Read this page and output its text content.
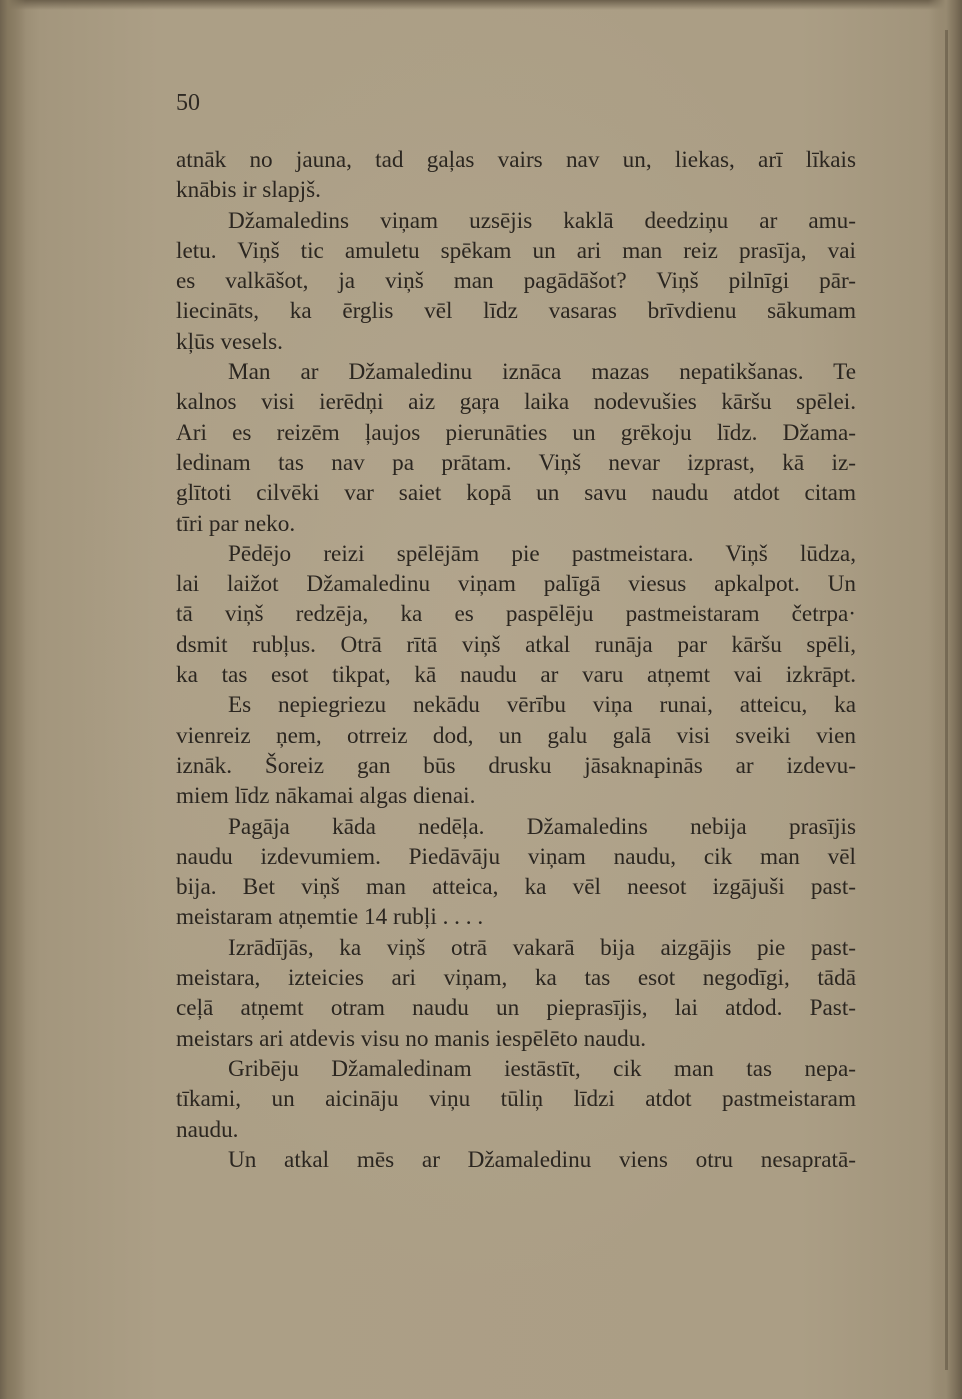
50
atnāk no jauna, tad gaļas vairs nav un, liekas, arī līkais
knābis ir slapjš.
Džamaledins viņam uzsējis kaklā deedziņu ar amu-
letu. Viņš tic amuletu spēkam un ari man reiz prasīja, vai
es valkāšot, ja viņš man pagādāšot? Viņš pilnīgi pār-
liecināts, ka ērglis vēl līdz vasaras brīvdienu sākumam
kļūs vesels.
Man ar Džamaledinu iznāca mazas nepatikšanas. Te
kalnos visi ierēdņi aiz gaŗa laika nodevušies kāršu spēlei.
Ari es reizēm ļaujos pierunāties un grēkoju līdz. Džama-
ledinam tas nav pa prātam. Viņš nevar izprast, kā iz-
glītoti cilvēki var saiet kopā un savu naudu atdot citam
tīri par neko.
Pēdējo reizi spēlējām pie pastmeistara. Viņš lūdza,
lai laižot Džamaledinu viņam palīgā viesus apkalpot. Un
tā viņš redzēja, ka es paspēlēju pastmeistaram četrpa·
dsmit rubļus. Otrā rītā viņš atkal runāja par kāršu spēli,
ka tas esot tikpat, kā naudu ar varu atņemt vai izkrāpt.
Es nepiegriezu nekādu vērību viņa runai, atteicu, ka
vienreiz ņem, otrreiz dod, un galu galā visi sveiki vien
iznāk. Šoreiz gan būs drusku jāsaknapinās ar izdevu-
miem līdz nākamai algas dienai.
Pagāja kāda nedēļa. Džamaledins nebija prasījis
naudu izdevumiem. Piedāvāju viņam naudu, cik man vēl
bija. Bet viņš man atteica, ka vēl neesot izgājuši past-
meistaram atņemtie 14 rubļi . . . .
Izrādījās, ka viņš otrā vakarā bija aizgājis pie past-
meistara, izteicies ari viņam, ka tas esot negodīgi, tādā
ceļā atņemt otram naudu un pieprasījis, lai atdod. Past-
meistars ari atdevis visu no manis iespēlēto naudu.
Gribēju Džamaledinam iestāstīt, cik man tas nepa-
tīkami, un aicināju viņu tūliņ līdzi atdot pastmeistaram
naudu.
Un atkal mēs ar Džamaledinu viens otru nesapratā-
